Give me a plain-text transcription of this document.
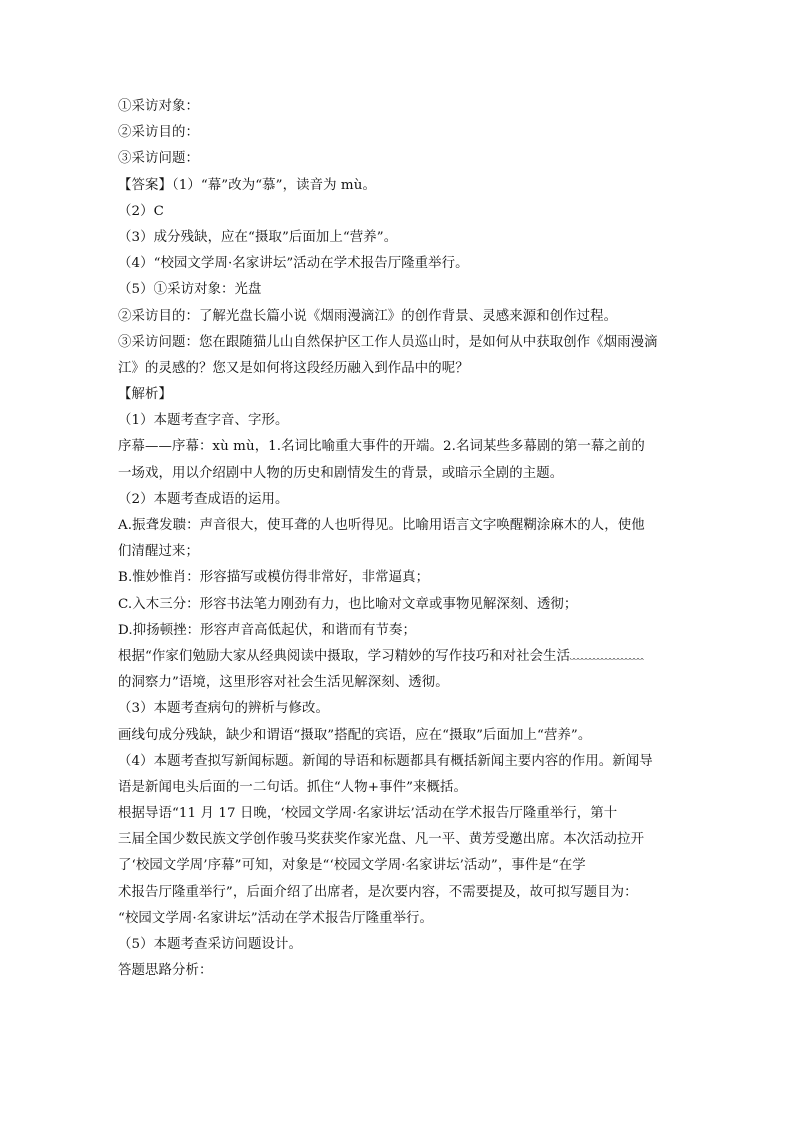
①采访对象：
②采访目的：
③采访问题：
【答案】（1）“幕”改为“慕”，读音为 mù。
（2）C
（3）成分残缺，应在“摄取”后面加上“营养”。
（4）“校园文学周·名家讲坛”活动在学术报告厅隆重举行。
（5）①采访对象：光盘
②采访目的：了解光盘长篇小说《烟雨漫滴江》的创作背景、灵感来源和创作过程。
③采访问题：您在跟随猫儿山自然保护区工作人员巡山时，是如何从中获取创作《烟雨漫滴
江》的灵感的？您又是如何将这段经历融入到作品中的呢？
【解析】
（1）本题考查字音、字形。
序幕——序幕：xù mù，1.名词比喻重大事件的开端。2.名词某些多幕剧的第一幕之前的
一场戏，用以介绍剧中人物的历史和剧情发生的背景，或暗示全剧的主题。
（2）本题考查成语的运用。
A.振聋发聩：声音很大，使耳聋的人也听得见。比喻用语言文字唤醒糊涂麻木的人，使他
们清醒过来；
B.惟妙惟肖：形容描写或模仿得非常好，非常逼真；
C.入木三分：形容书法笔力刚劲有力，也比喻对文章或事物见解深刻、透彻；
D.抑扬顿挫：形容声音高低起伏，和谐而有节奏；
根据“作家们勉励大家从经典阅读中摄取，学习精妙的写作技巧和对社会生活
的洞察力”语境，这里形容对社会生活见解深刻、透彻。
（3）本题考查病句的辨析与修改。
画线句成分残缺，缺少和谓语“摄取”搭配的宾语，应在“摄取”后面加上“营养”。
（4）本题考查拟写新闻标题。新闻的导语和标题都具有概括新闻主要内容的作用。新闻导
语是新闻电头后面的一二句话。抓住“人物+事件”来概括。
根据导语“11 月 17 日晚，‘校园文学周·名家讲坛’活动在学术报告厅隆重举行，第十
三届全国少数民族文学创作骏马奖获奖作家光盘、凡一平、黄芳受邀出席。本次活动拉开
了‘校园文学周’序幕”可知，对象是“‘校园文学周·名家讲坛’活动”，事件是“在学
术报告厅隆重举行”，后面介绍了出席者，是次要内容，不需要提及，故可拟写题目为：
“校园文学周·名家讲坛”活动在学术报告厅隆重举行。
（5）本题考查采访问题设计。
答题思路分析：
